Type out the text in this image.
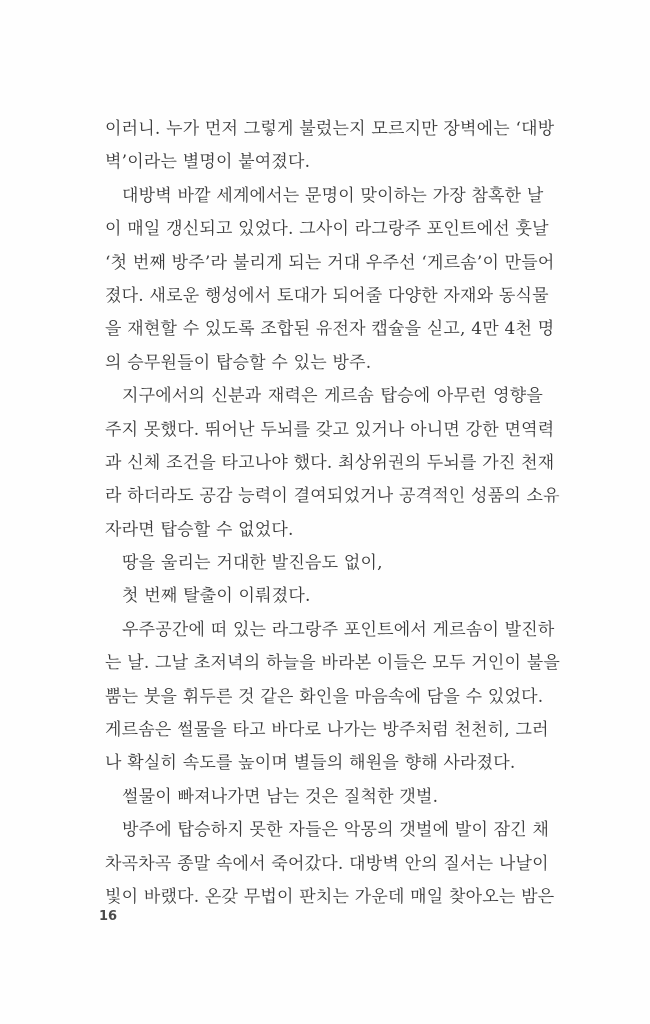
이러니. 누가 먼저 그렇게 불렀는지 모르지만 장벽에는 ‘대방
벽’이라는 별명이 붙여졌다.
대방벽 바깥 세계에서는 문명이 맞이하는 가장 참혹한 날
이 매일 갱신되고 있었다. 그사이 라그랑주 포인트에선 훗날
‘첫 번째 방주’라 불리게 되는 거대 우주선 ‘게르솜’이 만들어
졌다. 새로운 행성에서 토대가 되어줄 다양한 자재와 동식물
을 재현할 수 있도록 조합된 유전자 캡슐을 싣고, 4만 4천 명
의 승무원들이 탑승할 수 있는 방주.
지구에서의 신분과 재력은 게르솜 탑승에 아무런 영향을
주지 못했다. 뛰어난 두뇌를 갖고 있거나 아니면 강한 면역력
과 신체 조건을 타고나야 했다. 최상위권의 두뇌를 가진 천재
라 하더라도 공감 능력이 결여되었거나 공격적인 성품의 소유
자라면 탑승할 수 없었다.
땅을 울리는 거대한 발진음도 없이,
첫 번째 탈출이 이뤄졌다.
우주공간에 떠 있는 라그랑주 포인트에서 게르솜이 발진하
는 날. 그날 초저녁의 하늘을 바라본 이들은 모두 거인이 불을
뿜는 붓을 휘두른 것 같은 화인을 마음속에 담을 수 있었다.
게르솜은 썰물을 타고 바다로 나가는 방주처럼 천천히, 그러
나 확실히 속도를 높이며 별들의 해원을 향해 사라졌다.
썰물이 빠져나가면 남는 것은 질척한 갯벌.
방주에 탑승하지 못한 자들은 악몽의 갯벌에 발이 잠긴 채
차곡차곡 종말 속에서 죽어갔다. 대방벽 안의 질서는 나날이
빛이 바랬다. 온갖 무법이 판치는 가운데 매일 찾아오는 밤은
16
